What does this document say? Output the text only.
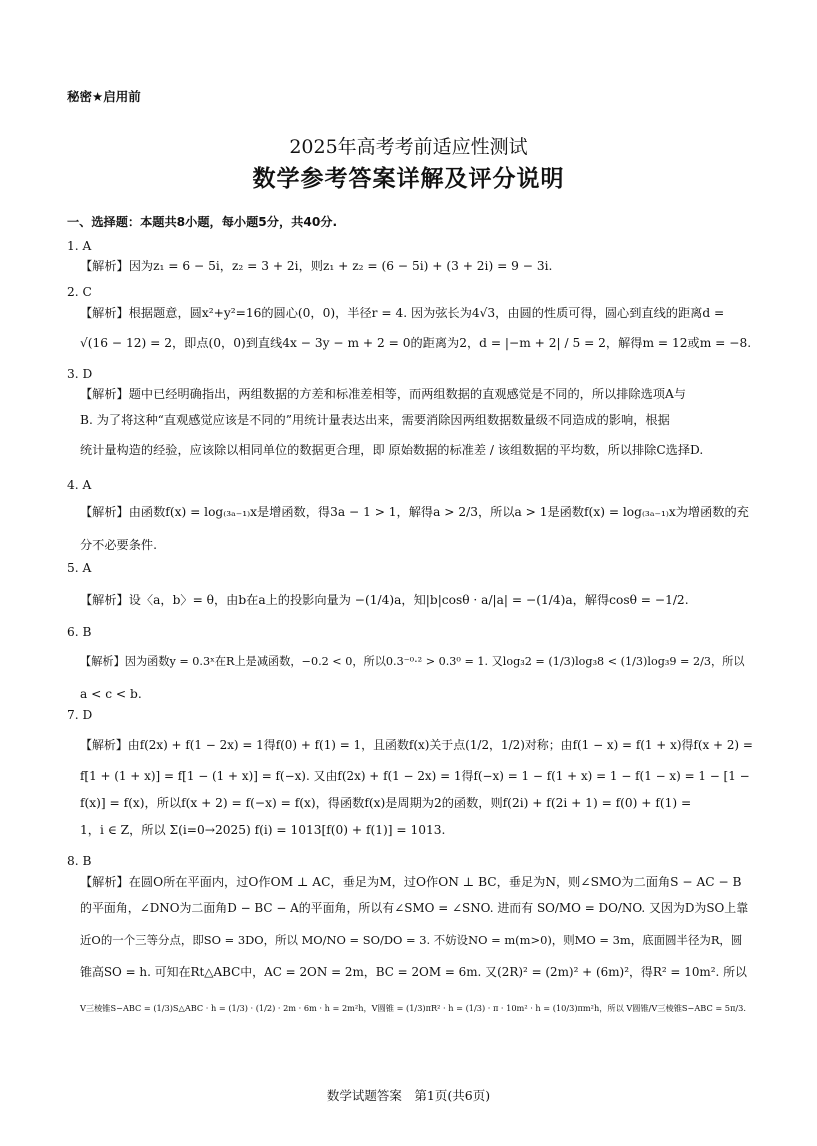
秘密★启用前
2025年高考考前适应性测试
数学参考答案详解及评分说明
一、选择题：本题共8小题，每小题5分，共40分.
1. A
【解析】因为z₁ = 6 − 5i，z₂ = 3 + 2i，则z₁ + z₂ = (6 − 5i) + (3 + 2i) = 9 − 3i.
2. C
【解析】根据题意，圆x²+y²=16的圆心(0，0)，半径r = 4. 因为弦长为4√3，由圆的性质可得，圆心到直线的距离d =
√(16 − 12) = 2，即点(0，0)到直线4x − 3y − m + 2 = 0的距离为2，d = |−m + 2| / 5 = 2，解得m = 12或m = −8.
3. D
【解析】题中已经明确指出，两组数据的方差和标准差相等，而两组数据的直观感觉是不同的，所以排除选项A与
B. 为了将这种“直观感觉应该是不同的”用统计量表达出来，需要消除因两组数据数量级不同造成的影响，根据
统计量构造的经验，应该除以相同单位的数据更合理，即 原始数据的标准差 / 该组数据的平均数，所以排除C选择D.
4. A
【解析】由函数f(x) = log₍₃ₐ₋₁₎x是增函数，得3a − 1 > 1，解得a > 2/3，所以a > 1是函数f(x) = log₍₃ₐ₋₁₎x为增函数的充
分不必要条件.
5. A
【解析】设〈a，b〉= θ，由b在a上的投影向量为 −(1/4)a，知|b|cosθ · a/|a| = −(1/4)a，解得cosθ = −1/2.
6. B
【解析】因为函数y = 0.3ˣ在R上是减函数，−0.2 < 0，所以0.3⁻⁰·² > 0.3⁰ = 1. 又log₃2 = (1/3)log₃8 < (1/3)log₃9 = 2/3，所以
a < c < b.
7. D
【解析】由f(2x) + f(1 − 2x) = 1得f(0) + f(1) = 1，且函数f(x)关于点(1/2，1/2)对称；由f(1 − x) = f(1 + x)得f(x + 2) =
f[1 + (1 + x)] = f[1 − (1 + x)] = f(−x). 又由f(2x) + f(1 − 2x) = 1得f(−x) = 1 − f(1 + x) = 1 − f(1 − x) = 1 − [1 −
f(x)] = f(x)，所以f(x + 2) = f(−x) = f(x)，得函数f(x)是周期为2的函数，则f(2i) + f(2i + 1) = f(0) + f(1) =
1，i ∈ Z，所以 Σ(i=0→2025) f(i) = 1013[f(0) + f(1)] = 1013.
8. B
【解析】在圆O所在平面内，过O作OM ⊥ AC，垂足为M，过O作ON ⊥ BC，垂足为N，则∠SMO为二面角S − AC − B
的平面角，∠DNO为二面角D − BC − A的平面角，所以有∠SMO = ∠SNO. 进而有 SO/MO = DO/NO. 又因为D为SO上靠
近O的一个三等分点，即SO = 3DO，所以 MO/NO = SO/DO = 3. 不妨设NO = m(m>0)，则MO = 3m，底面圆半径为R，圆
锥高SO = h. 可知在Rt△ABC中，AC = 2ON = 2m，BC = 2OM = 6m. 又(2R)² = (2m)² + (6m)²，得R² = 10m². 所以
V三棱锥S−ABC = (1/3)S△ABC · h = (1/3) · (1/2) · 2m · 6m · h = 2m²h，V圆锥 = (1/3)πR² · h = (1/3) · π · 10m² · h = (10/3)πm²h，所以 V圆锥/V三棱锥S−ABC = 5π/3.
数学试题答案　第1页(共6页)
